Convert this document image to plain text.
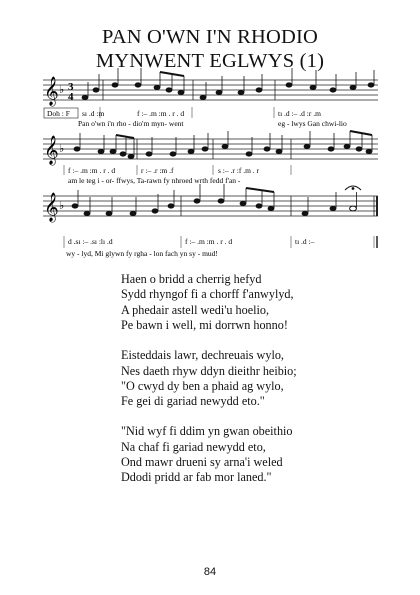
PAN O'WN I'N RHODIO
MYNWENT EGLWYS (1)
𝄞 ♭ 3
4
Doh : F sı .d :m	f :– .m :m . r . d	tı .d :– .d :r .m
Pan o'wn i'n rho - dio'm myn- went	eg - lwys Gan chwi-lio
𝄞 ♭
f :– .m :m . r . d	r :– .r :m .f	s :– .r :f .m . r
am le teg i - or- ffwys, Ta-rawn fy nhroed wrth fedd f'an -
𝄞 ♭
d .sı :– .sı :lı .d	f :– .m :m . r . d	tı .d :–
wy - lyd, Mi glywn fy rgha - lon fach yn sy - mud!
Haen o bridd a cherrig hefyd
Sydd rhyngof fi a chorff f'anwylyd,
A phedair astell wedi'u hoelio,
Pe bawn i well, mi dorrwn honno!
Eisteddais lawr, dechreuais wylo,
Nes daeth rhyw ddyn dieithr heibio;
"O cwyd dy ben a phaid ag wylo,
Fe gei di gariad newydd eto."
"Nid wyf fi ddim yn gwan obeithio
Na chaf fi gariad newydd eto,
Ond mawr drueni sy arna'i weled
Ddodi pridd ar fab mor laned."
84
